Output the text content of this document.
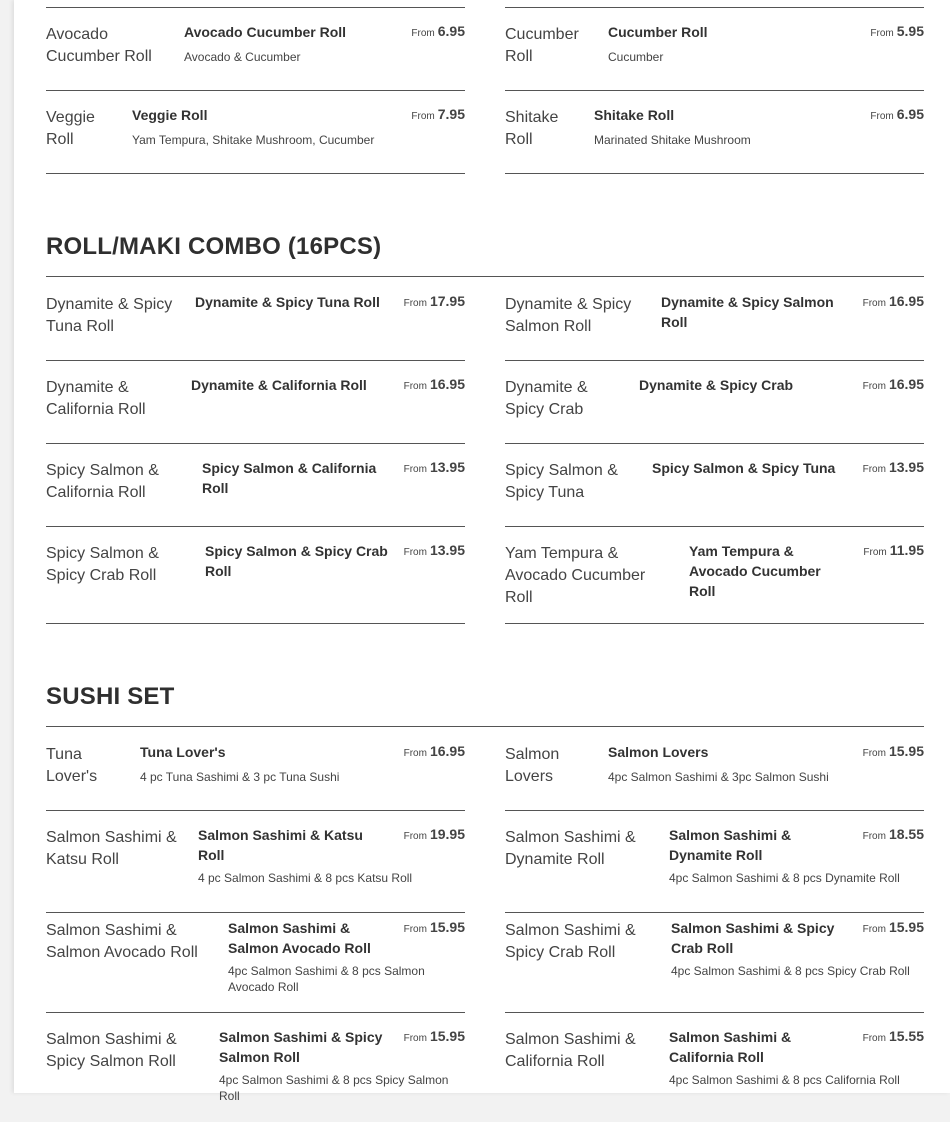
Avocado Cucumber Roll
Avocado Cucumber Roll
Avocado & Cucumber
From 6.95	Cucumber Roll
Cucumber Roll
Cucumber
From 5.95
Veggie Roll
Veggie Roll
Yam Tempura, Shitake Mushroom, Cucumber
From 7.95	Shitake Roll
Shitake Roll
Marinated Shitake Mushroom
From 6.95
ROLL/MAKI COMBO (16PCS)
Dynamite & Spicy Tuna Roll
Dynamite & Spicy Tuna Roll	From 17.95	Dynamite & Spicy Salmon Roll
Dynamite & Spicy Salmon Roll
From 16.95
Dynamite & California Roll
Dynamite & California Roll	From 16.95	Dynamite & Spicy Crab
Dynamite & Spicy Crab	From 16.95
Spicy Salmon & California Roll
Spicy Salmon & California Roll
From 13.95	Spicy Salmon & Spicy Tuna
Spicy Salmon & Spicy Tuna	From 13.95
Spicy Salmon & Spicy Crab Roll
Spicy Salmon & Spicy Crab Roll
From 13.95	Yam Tempura & Avocado Cucumber Roll
Yam Tempura & Avocado Cucumber Roll
From 11.95
SUSHI SET
Tuna Lover's
Tuna Lover's
4 pc Tuna Sashimi & 3 pc Tuna Sushi
From 16.95	Salmon Lovers
Salmon Lovers
4pc Salmon Sashimi & 3pc Salmon Sushi
From 15.95
Salmon Sashimi & Katsu Roll
Salmon Sashimi & Katsu Roll
4 pc Salmon Sashimi & 8 pcs Katsu Roll
From 19.95	Salmon Sashimi & Dynamite Roll
Salmon Sashimi & Dynamite Roll
4pc Salmon Sashimi & 8 pcs Dynamite Roll
From 18.55
Salmon Sashimi & Salmon Avocado Roll
Salmon Sashimi & Salmon Avocado Roll
4pc Salmon Sashimi & 8 pcs Salmon Avocado Roll
From 15.95	Salmon Sashimi & Spicy Crab Roll
Salmon Sashimi & Spicy Crab Roll
4pc Salmon Sashimi & 8 pcs Spicy Crab Roll
From 15.95
Salmon Sashimi & Spicy Salmon Roll
Salmon Sashimi & Spicy Salmon Roll
4pc Salmon Sashimi & 8 pcs Spicy Salmon Roll
From 15.95	Salmon Sashimi & California Roll
Salmon Sashimi & California Roll
4pc Salmon Sashimi & 8 pcs California Roll
From 15.55
